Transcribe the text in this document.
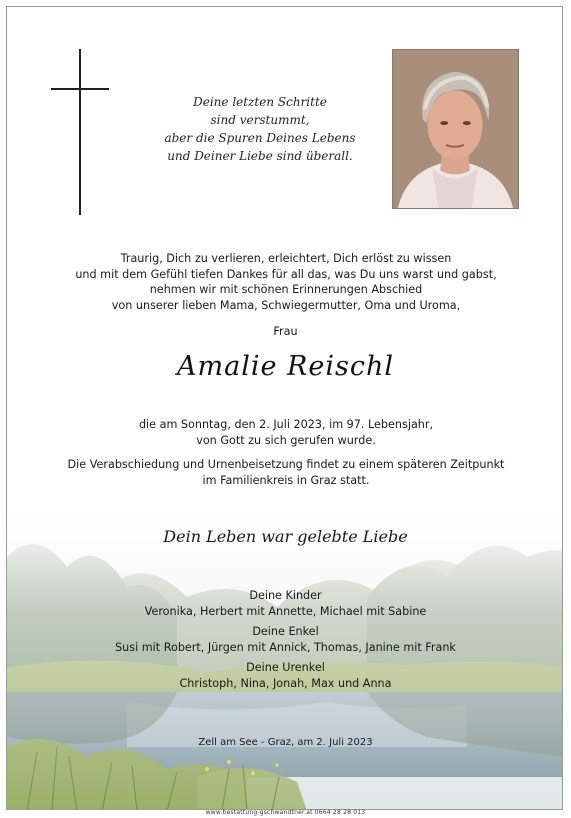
Deine letzten Schritte
sind verstummt,
aber die Spuren Deines Lebens
und Deiner Liebe sind überall.
Traurig, Dich zu verlieren, erleichtert, Dich erlöst zu wissen
und mit dem Gefühl tiefen Dankes für all das, was Du uns warst und gabst,
nehmen wir mit schönen Erinnerungen Abschied
von unserer lieben Mama, Schwiegermutter, Oma und Uroma,
Frau
Amalie Reischl
die am Sonntag, den 2. Juli 2023, im 97. Lebensjahr,
von Gott zu sich gerufen wurde.
Die Verabschiedung und Urnenbeisetzung findet zu einem späteren Zeitpunkt
im Familienkreis in Graz statt.
Dein Leben war gelebte Liebe
Deine Kinder
Veronika, Herbert mit Annette, Michael mit Sabine
Deine Enkel
Susi mit Robert, Jürgen mit Annick, Thomas, Janine mit Frank
Deine Urenkel
Christoph, Nina, Jonah, Max und Anna
Zell am See - Graz, am 2. Juli 2023
www.bestattung-gschwandtner.at 0664 28 28 013
